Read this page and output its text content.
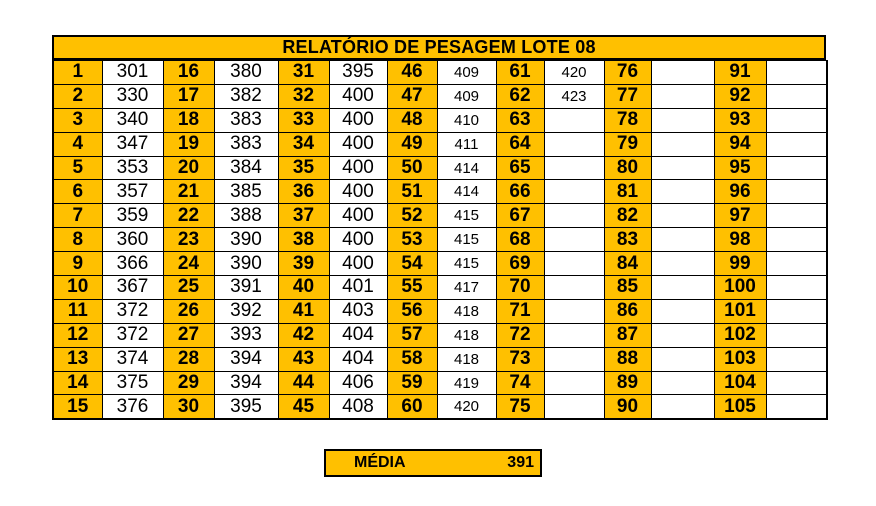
RELATÓRIO DE PESAGEM LOTE 08
1	301	16	380	31	395	46	409	61	420	76		91	
2	330	17	382	32	400	47	409	62	423	77		92	
3	340	18	383	33	400	48	410	63		78		93	
4	347	19	383	34	400	49	411	64		79		94	
5	353	20	384	35	400	50	414	65		80		95	
6	357	21	385	36	400	51	414	66		81		96	
7	359	22	388	37	400	52	415	67		82		97	
8	360	23	390	38	400	53	415	68		83		98	
9	366	24	390	39	400	54	415	69		84		99	
10	367	25	391	40	401	55	417	70		85		100	
11	372	26	392	41	403	56	418	71		86		101	
12	372	27	393	42	404	57	418	72		87		102	
13	374	28	394	43	404	58	418	73		88		103	
14	375	29	394	44	406	59	419	74		89		104	
15	376	30	395	45	408	60	420	75		90		105	
MÉDIA	391
